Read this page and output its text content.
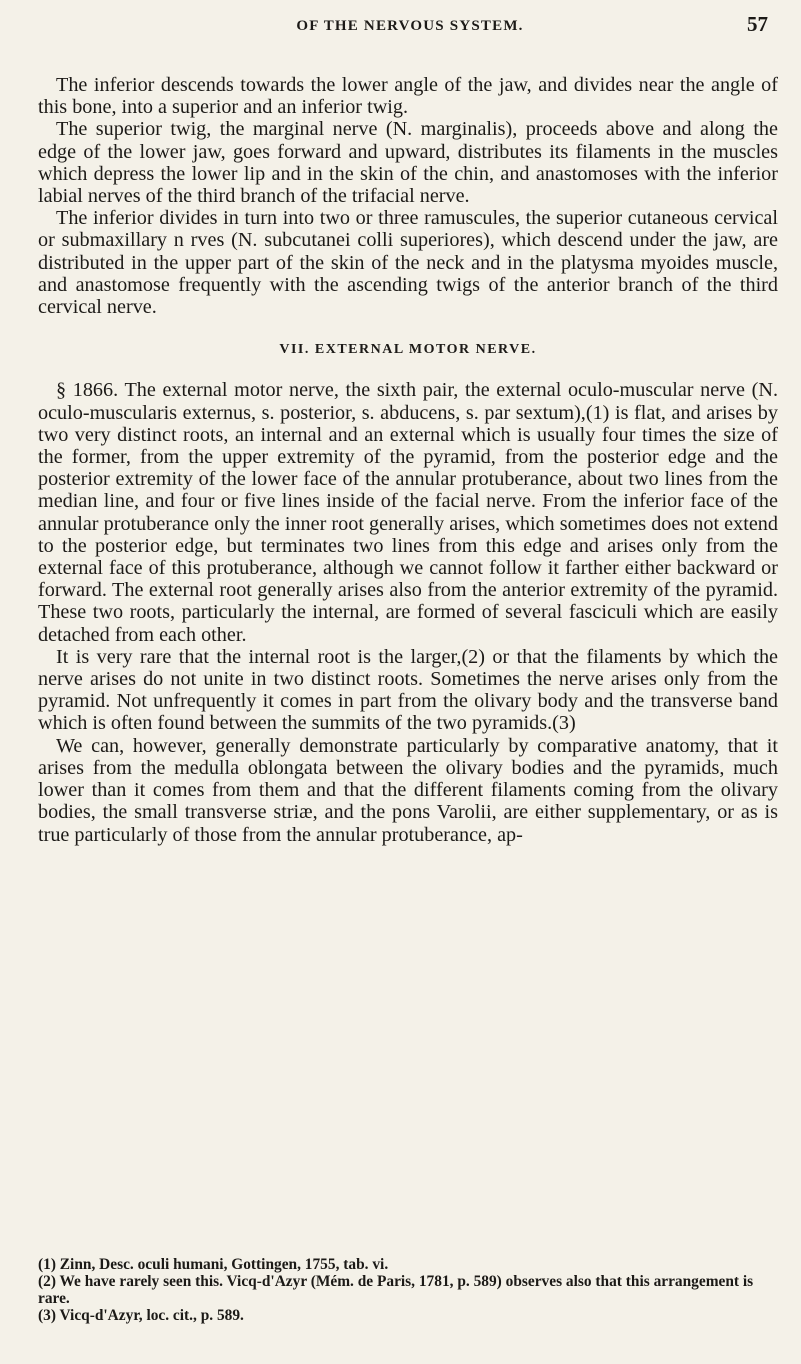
OF THE NERVOUS SYSTEM.	57

The inferior descends towards the lower angle of the jaw, and divides near the angle of this bone, into a superior and an inferior twig.

The superior twig, the marginal nerve (N. marginalis), proceeds above and along the edge of the lower jaw, goes forward and upward, distributes its filaments in the muscles which depress the lower lip and in the skin of the chin, and anastomoses with the inferior labial nerves of the third branch of the trifacial nerve.

The inferior divides in turn into two or three ramuscules, the superior cutaneous cervical or submaxillary n rves (N. subcutanei colli superiores), which descend under the jaw, are distributed in the upper part of the skin of the neck and in the platysma myoides muscle, and anastomose frequently with the ascending twigs of the anterior branch of the third cervical nerve.

VII. EXTERNAL MOTOR NERVE.

§ 1866. The external motor nerve, the sixth pair, the external oculo-muscular nerve (N. oculo-muscularis externus, s. posterior, s. abducens, s. par sextum),(1) is flat, and arises by two very distinct roots, an internal and an external which is usually four times the size of the former, from the upper extremity of the pyramid, from the posterior edge and the posterior extremity of the lower face of the annular protuberance, about two lines from the median line, and four or five lines inside of the facial nerve. From the inferior face of the annular protuberance only the inner root generally arises, which sometimes does not extend to the posterior edge, but terminates two lines from this edge and arises only from the external face of this protuberance, although we cannot follow it farther either backward or forward. The external root generally arises also from the anterior extremity of the pyramid. These two roots, particularly the internal, are formed of several fasciculi which are easily detached from each other.

It is very rare that the internal root is the larger,(2) or that the filaments by which the nerve arises do not unite in two distinct roots. Sometimes the nerve arises only from the pyramid. Not unfrequently it comes in part from the olivary body and the transverse band which is often found between the summits of the two pyramids.(3)

We can, however, generally demonstrate particularly by comparative anatomy, that it arises from the medulla oblongata between the olivary bodies and the pyramids, much lower than it comes from them and that the different filaments coming from the olivary bodies, the small transverse striæ, and the pons Varolii, are either supplementary, or as is true particularly of those from the annular protuberance, ap-

(1) Zinn, Desc. oculi humani, Gottingen, 1755, tab. vi.

(2) We have rarely seen this. Vicq-d'Azyr (Mém. de Paris, 1781, p. 589) observes also that this arrangement is rare.

(3) Vicq-d'Azyr, loc. cit., p. 589.
